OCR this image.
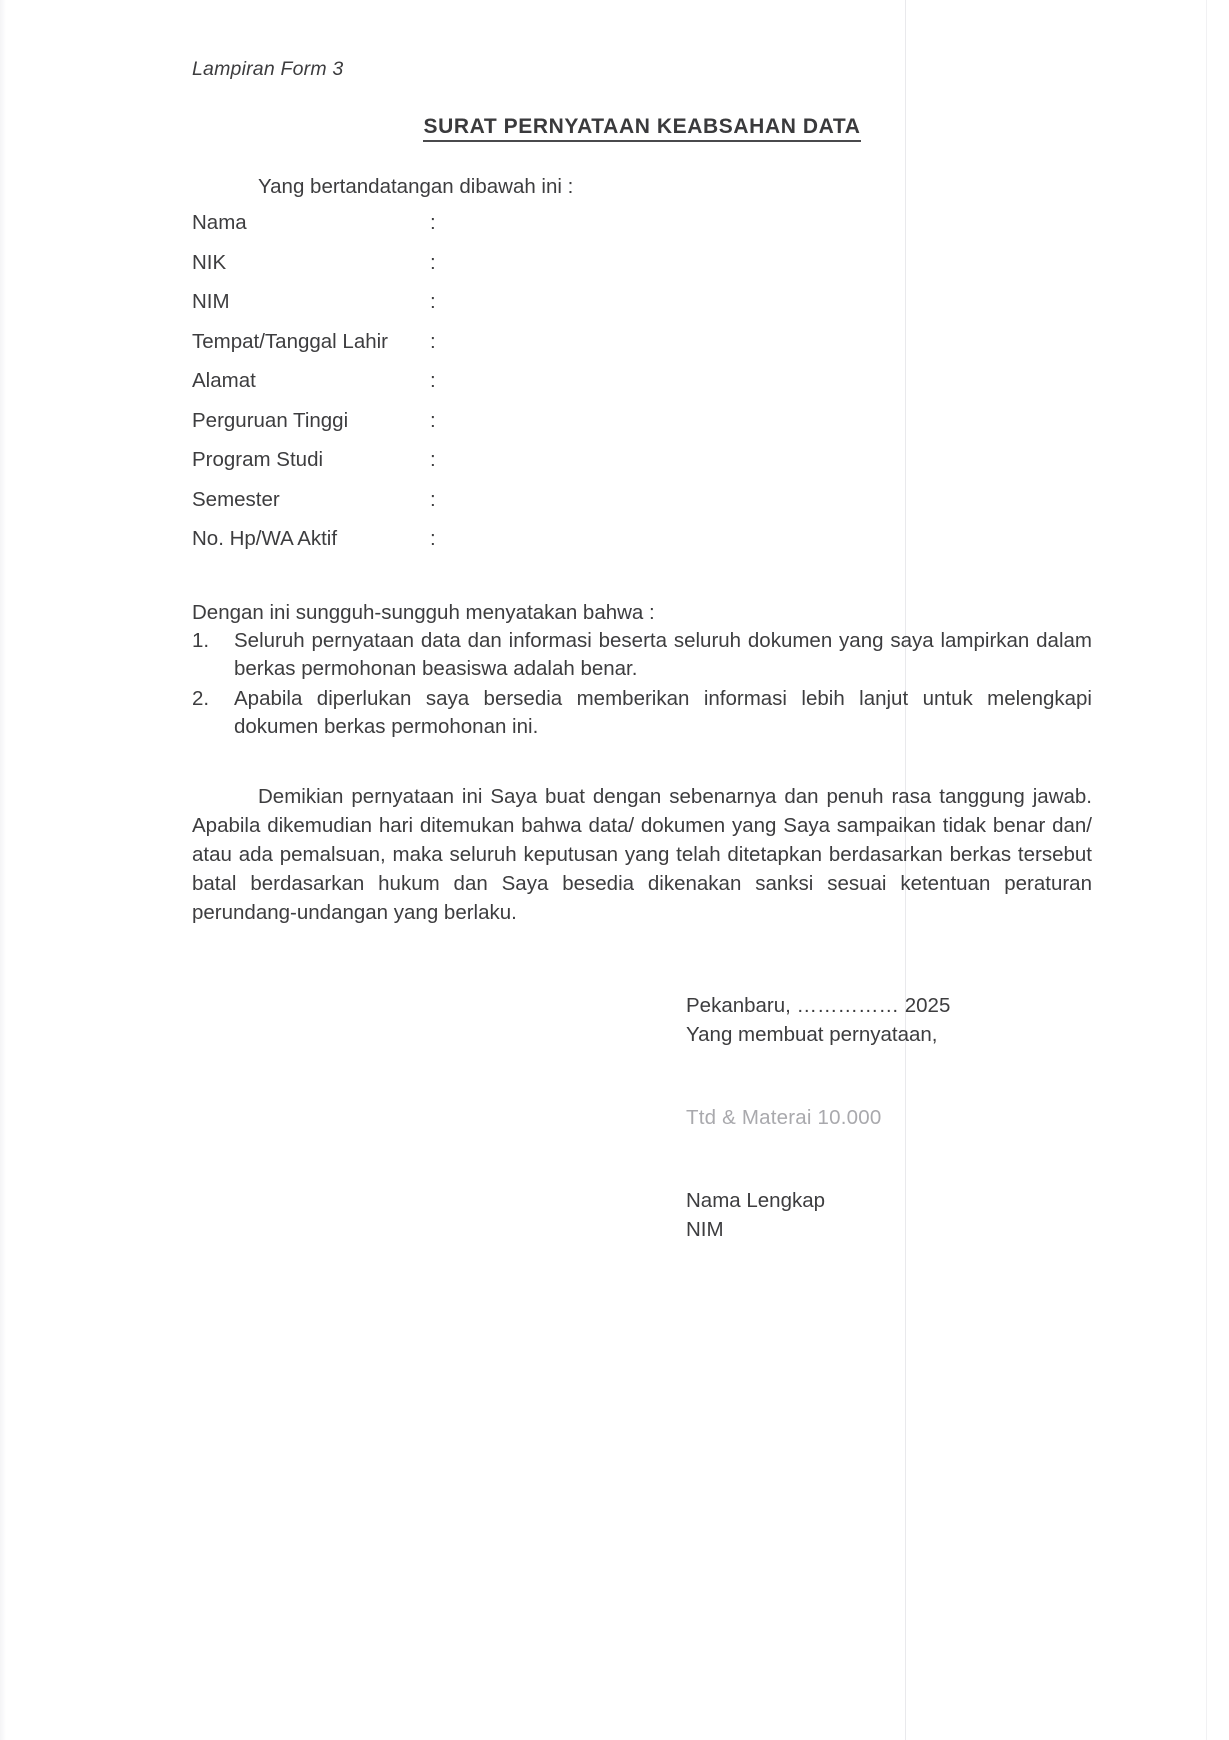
Lampiran Form 3
SURAT PERNYATAAN KEABSAHAN DATA
Yang bertandatangan dibawah ini :
Nama	:	
NIK	:	
NIM	:	
Tempat/Tanggal Lahir	:	
Alamat	:	
Perguruan Tinggi	:	
Program Studi	:	
Semester	:	
No. Hp/WA Aktif	:	
Dengan ini sungguh-sungguh menyatakan bahwa :
1. Seluruh pernyataan data dan informasi beserta seluruh dokumen yang saya lampirkan dalam berkas permohonan beasiswa adalah benar.
2. Apabila diperlukan saya bersedia memberikan informasi lebih lanjut untuk melengkapi dokumen berkas permohonan ini.
Demikian pernyataan ini Saya buat dengan sebenarnya dan penuh rasa tanggung jawab. Apabila dikemudian hari ditemukan bahwa data/ dokumen yang Saya sampaikan tidak benar dan/ atau ada pemalsuan, maka seluruh keputusan yang telah ditetapkan berdasarkan berkas tersebut batal berdasarkan hukum dan Saya besedia dikenakan sanksi sesuai ketentuan peraturan perundang-undangan yang berlaku.
Pekanbaru, …………… 2025
Yang membuat pernyataan,
Ttd & Materai 10.000
Nama Lengkap
NIM
